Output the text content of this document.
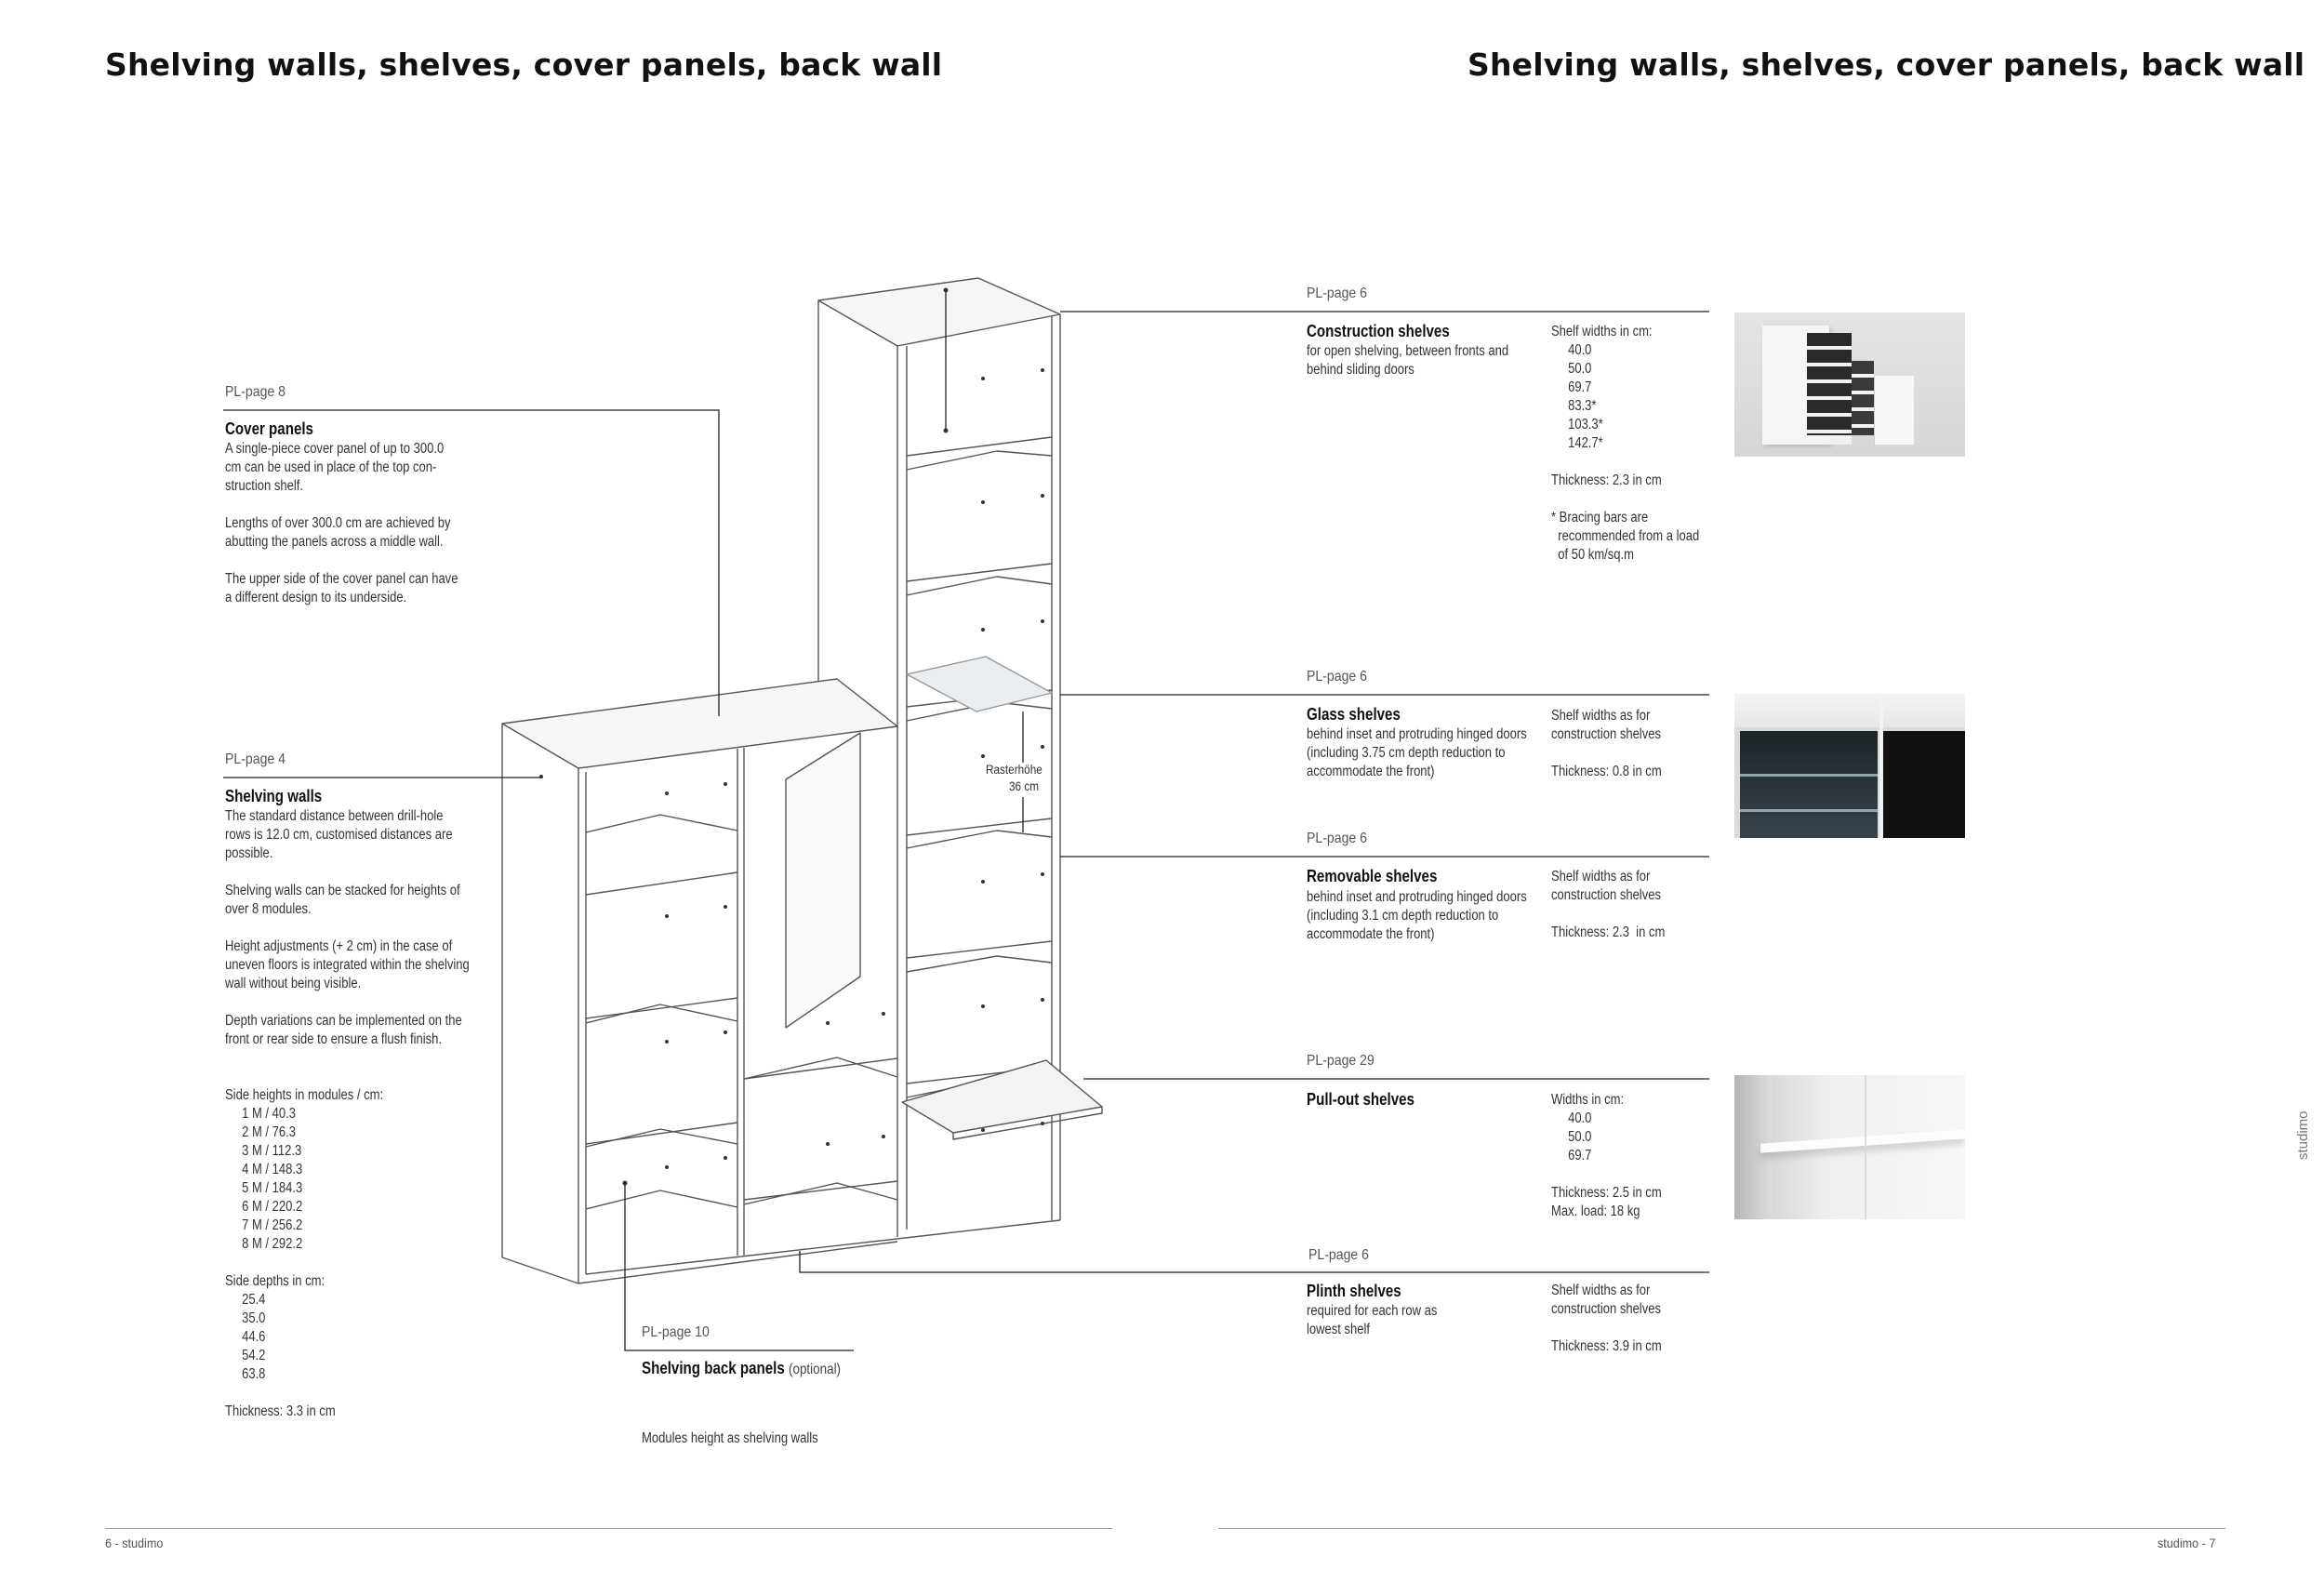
Shelving walls, shelves, cover panels, back wall	Shelving walls, shelves, cover panels, back wall
Rasterhöhe
36 cm
PL-page 8
Cover panels
A single-piece cover panel of up to 300.0
cm can be used in place of the top con-
struction shelf.

Lengths of over 300.0 cm are achieved by
abutting the panels across a middle wall.

The upper side of the cover panel can have
a different design to its underside.
PL-page 4
Shelving walls
The standard distance between drill-hole
rows is 12.0 cm, customised distances are
possible.

Shelving walls can be stacked for heights of
over 8 modules.

Height adjustments (+ 2 cm) in the case of
uneven floors is integrated within the shelving
wall without being visible.

Depth variations can be implemented on the
front or rear side to ensure a flush finish.

Side heights in modules / cm:
1 M / 40.3
2 M / 76.3
3 M / 112.3
4 M / 148.3
5 M / 184.3
6 M / 220.2
7 M / 256.2
8 M / 292.2

Side depths in cm:
25.4
35.0
44.6
54.2
63.8

Thickness: 3.3 in cm
PL-page 10
Shelving back panels (optional)
Modules height as shelving walls
PL-page 6
Construction shelves
for open shelving, between fronts and
behind sliding doors
Shelf widths in cm:
40.0
50.0
69.7
83.3*
103.3*
142.7*

Thickness: 2.3 in cm

* Bracing bars are
recommended from a load
of 50 km/sq.m
PL-page 6
Glass shelves
behind inset and protruding hinged doors
(including 3.75 cm depth reduction to
accommodate the front)
Shelf widths as for
construction shelves

Thickness: 0.8 in cm
PL-page 6
Removable shelves
behind inset and protruding hinged doors
(including 3.1 cm depth reduction to
accommodate the front)
Shelf widths as for
construction shelves

Thickness: 2.3  in cm
PL-page 29
Pull-out shelves	Widths in cm:
40.0
50.0
69.7

Thickness: 2.5 in cm
Max. load: 18 kg
PL-page 6
Plinth shelves
required for each row as
lowest shelf
Shelf widths as for
construction shelves

Thickness: 3.9 in cm
studimo
6 - studimo	studimo - 7
